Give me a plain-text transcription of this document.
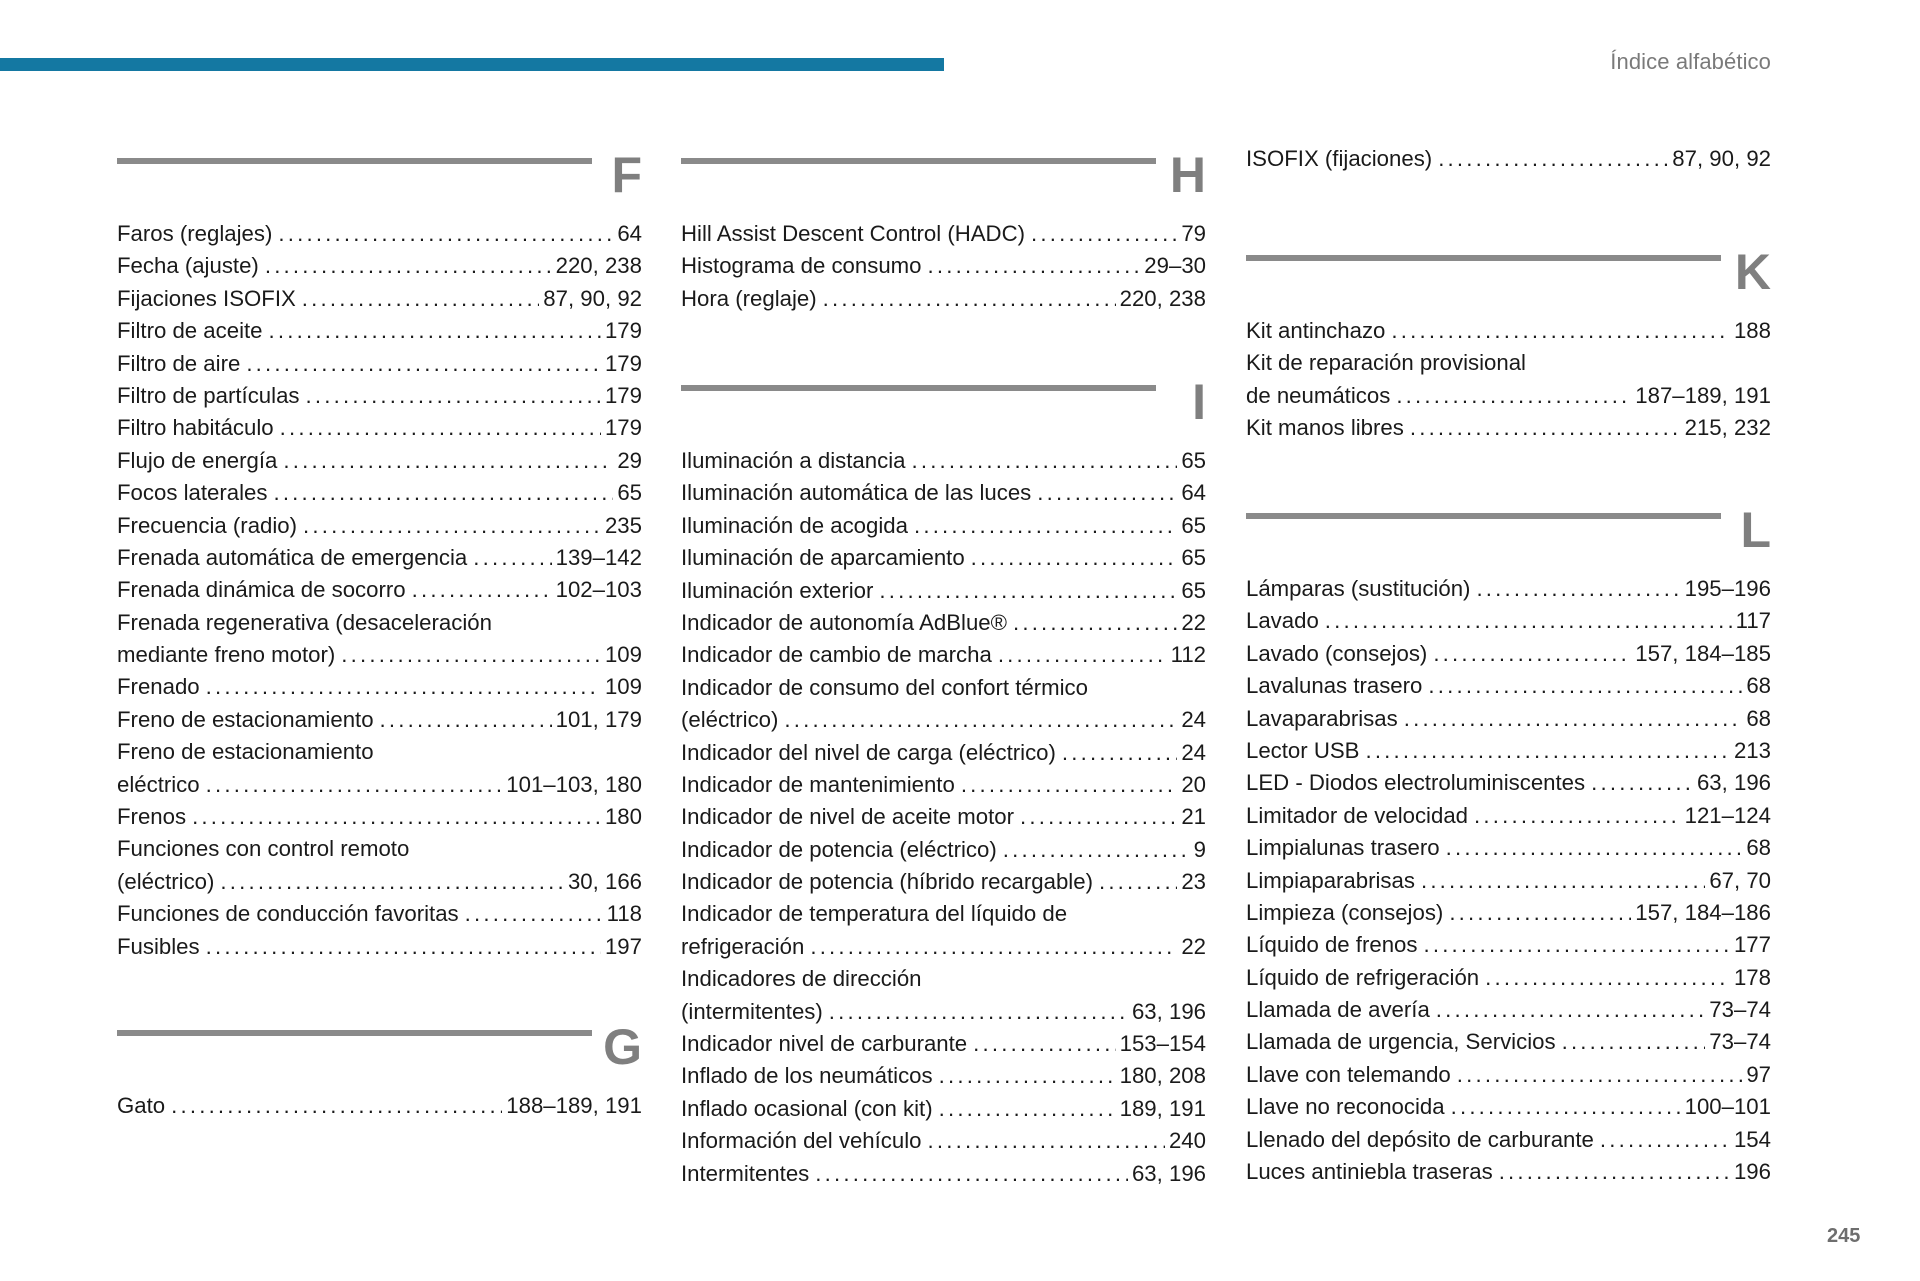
Índice alfabético
F
Faros (reglajes) .....	64
Fecha (ajuste) .....	220, 238
Fijaciones ISOFIX .....	87, 90, 92
Filtro de aceite .....	179
Filtro de aire .....	179
Filtro de partículas .....	179
Filtro habitáculo .....	179
Flujo de energía .....	29
Focos laterales .....	65
Frecuencia (radio) .....	235
Frenada automática de emergencia .....	139–142
Frenada dinámica de socorro .....	102–103
Frenada regenerativa (desaceleración
mediante freno motor) .....	109
Frenado .....	109
Freno de estacionamiento .....	101, 179
Freno de estacionamiento
eléctrico .....	101–103, 180
Frenos .....	180
Funciones con control remoto
(eléctrico) .....	30, 166
Funciones de conducción favoritas .....	118
Fusibles .....	197
G
Gato .....	188–189, 191
H
Hill Assist Descent Control (HADC) .....	79
Histograma de consumo .....	29–30
Hora (reglaje) .....	220, 238
I
Iluminación a distancia .....	65
Iluminación automática de las luces .....	64
Iluminación de acogida .....	65
Iluminación de aparcamiento .....	65
Iluminación exterior .....	65
Indicador de autonomía AdBlue® .....	22
Indicador de cambio de marcha .....	112
Indicador de consumo del confort térmico
(eléctrico) .....	24
Indicador del nivel de carga (eléctrico) .....	24
Indicador de mantenimiento .....	20
Indicador de nivel de aceite motor .....	21
Indicador de potencia (eléctrico) .....	9
Indicador de potencia (híbrido recargable) .....	23
Indicador de temperatura del líquido de
refrigeración .....	22
Indicadores de dirección
(intermitentes) .....	63, 196
Indicador nivel de carburante .....	153–154
Inflado de los neumáticos .....	180, 208
Inflado ocasional (con kit) .....	189, 191
Información del vehículo .....	240
Intermitentes .....	63, 196
ISOFIX (fijaciones) .....	87, 90, 92
K
Kit antinchazo .....	188
Kit de reparación provisional
de neumáticos .....	187–189, 191
Kit manos libres .....	215, 232
L
Lámparas (sustitución) .....	195–196
Lavado .....	117
Lavado (consejos) .....	157, 184–185
Lavalunas trasero .....	68
Lavaparabrisas .....	68
Lector USB .....	213
LED - Diodos electroluminiscentes .....	63, 196
Limitador de velocidad .....	121–124
Limpialunas trasero .....	68
Limpiaparabrisas .....	67, 70
Limpieza (consejos) .....	157, 184–186
Líquido de frenos .....	177
Líquido de refrigeración .....	178
Llamada de avería .....	73–74
Llamada de urgencia, Servicios .....	73–74
Llave con telemando .....	97
Llave no reconocida .....	100–101
Llenado del depósito de carburante .....	154
Luces antiniebla traseras .....	196
245
